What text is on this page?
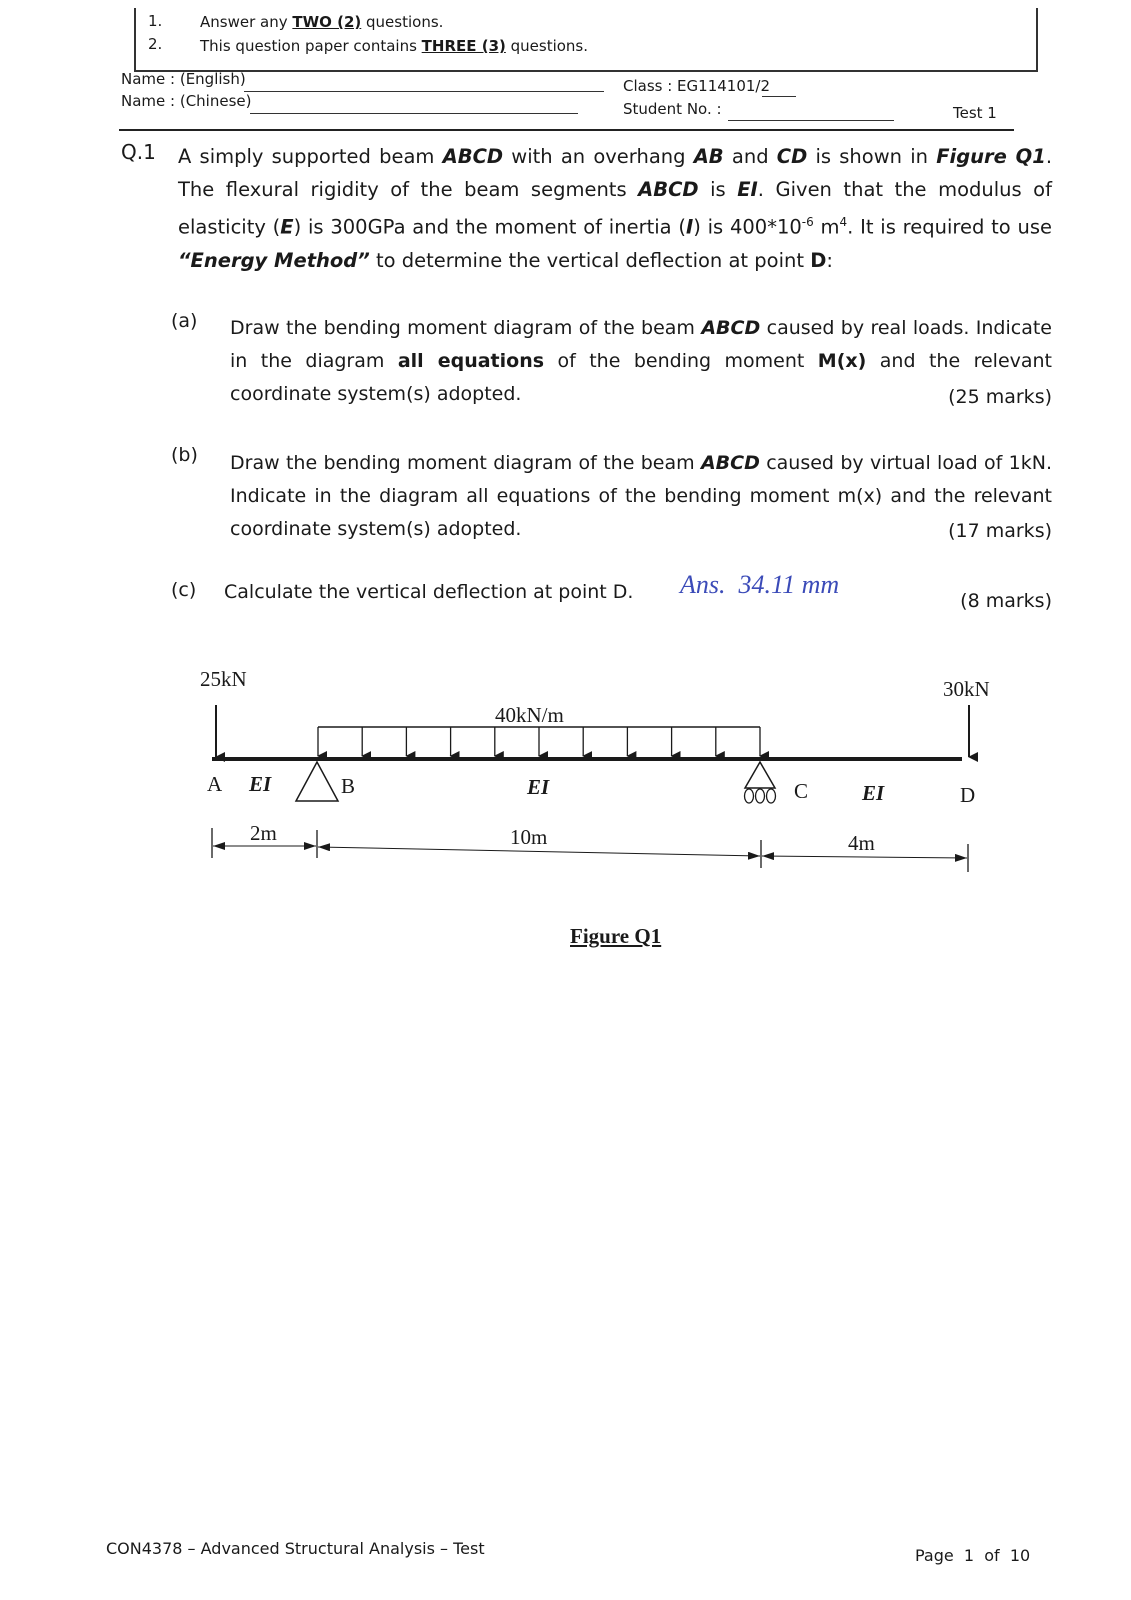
1.	Answer any TWO (2) questions.
2.	This question paper contains THREE (3) questions.
Name : (English)
Name : (Chinese)
Class : EG114101/2
Student No. :	Test 1
Q.1 A simply supported beam ABCD with an overhang AB and CD is shown in Figure Q1. The flexural rigidity of the beam segments ABCD is EI. Given that the modulus of elasticity (E) is 300GPa and the moment of inertia (I) is $400*10^{-6}$ $m^4$. It is required to use “Energy Method” to determine the vertical deflection at point D:
(a) Draw the bending moment diagram of the beam ABCD caused by real loads. Indicate in the diagram all equations of the bending moment M(x) and the relevant coordinate system(s) adopted.	(25 marks)
(b) Draw the bending moment diagram of the beam ABCD caused by virtual load of 1kN. Indicate in the diagram all equations of the bending moment m(x) and the relevant coordinate system(s) adopted.	(17 marks)
(c) Calculate the vertical deflection at point D. Ans.  34.11 mm
(8 marks)
25kN	30kN
40kN/m
A EI	B	EI	C	EI	D
2m	10m	4m
Figure Q1
CON4378 – Advanced Structural Analysis – Test	Page  1  of  10
